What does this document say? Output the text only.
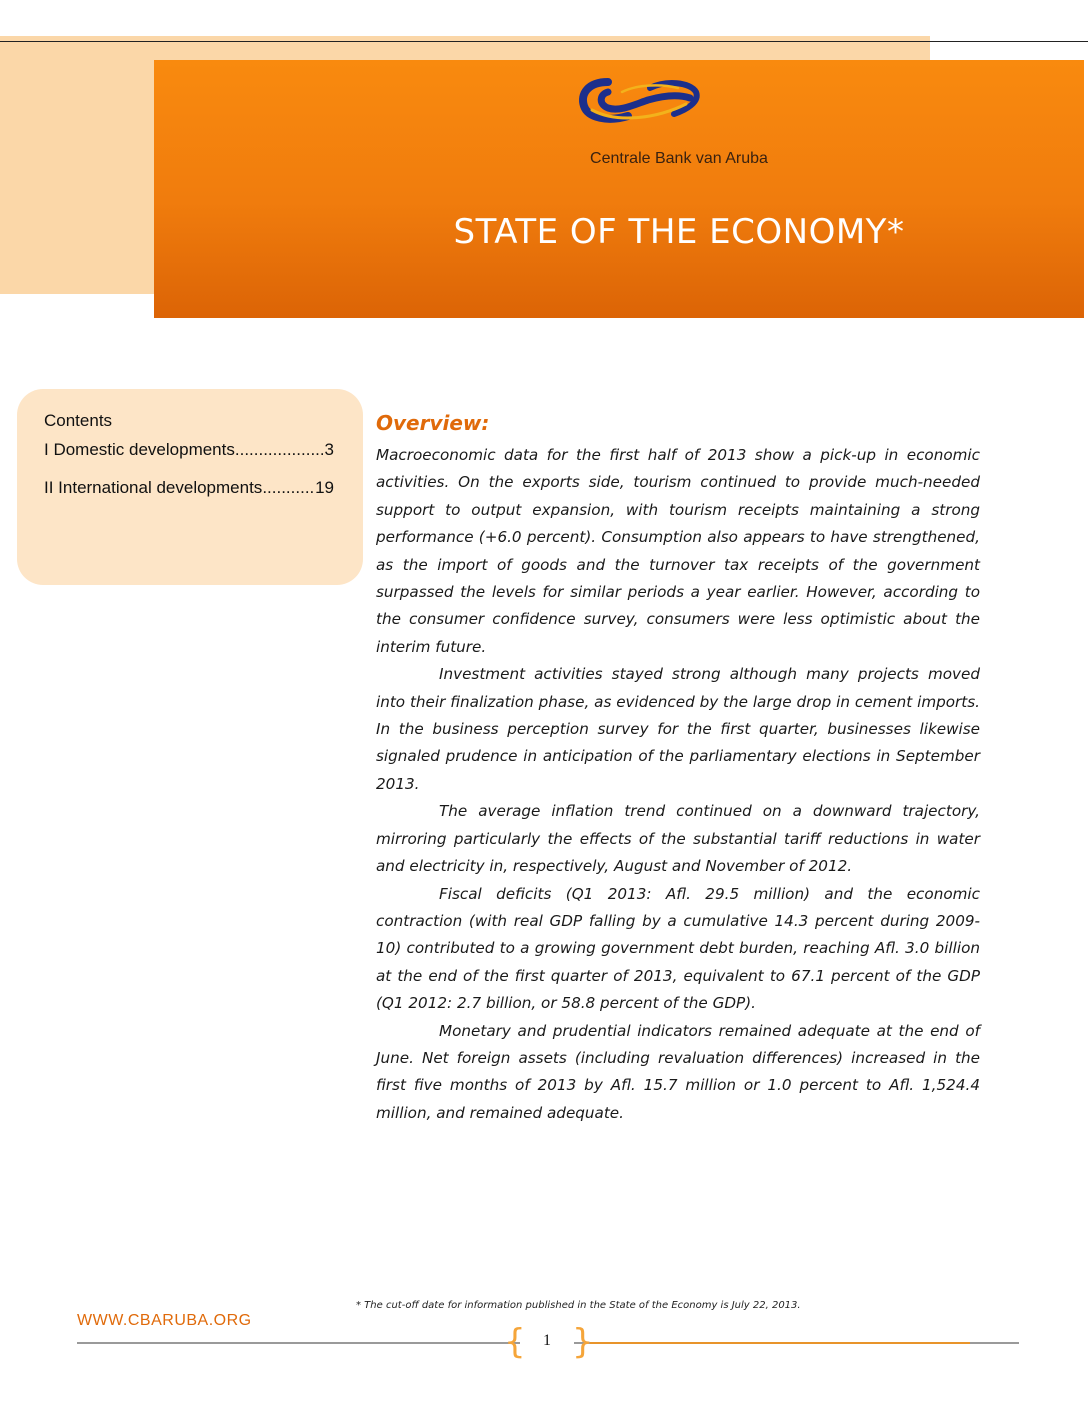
Centrale Bank van Aruba
STATE OF THE ECONOMY*
Contents
I Domestic developments .....	3
II International developments .....	19
Overview:

Macroeconomic data for the first half of 2013 show a pick-up in economic activities. On the exports side, tourism continued to provide much-needed support to output expansion, with tourism receipts maintaining a strong performance (+6.0 percent). Consumption also appears to have strengthened, as the import of goods and the turnover tax receipts of the government surpassed the levels for similar periods a year earlier. However, according to the consumer confidence survey, consumers were less optimistic about the interim future.

Investment activities stayed strong although many projects moved into their finalization phase, as evidenced by the large drop in cement imports. In the business perception survey for the first quarter, businesses likewise signaled prudence in anticipation of the parliamentary elections in September 2013.

The average inflation trend continued on a downward trajectory, mirroring particularly the effects of the substantial tariff reductions in water and electricity in, respectively, August and November of 2012.

Fiscal deficits (Q1 2013: Afl. 29.5 million) and the economic contraction (with real GDP falling by a cumulative 14.3 percent during 2009-10) contributed to a growing government debt burden, reaching Afl. 3.0 billion at the end of the first quarter of 2013, equivalent to 67.1 percent of the GDP (Q1 2012: 2.7 billion, or 58.8 percent of the GDP).

Monetary and prudential indicators remained adequate at the end of June. Net foreign assets (including revaluation differences) increased in the first five months of 2013 by Afl. 15.7 million or 1.0 percent to Afl. 1,524.4 million, and remained adequate.

* The cut-off date for information published in the State of the Economy is July 22, 2013.
WWW.CBARUBA.ORG
{ }
1
